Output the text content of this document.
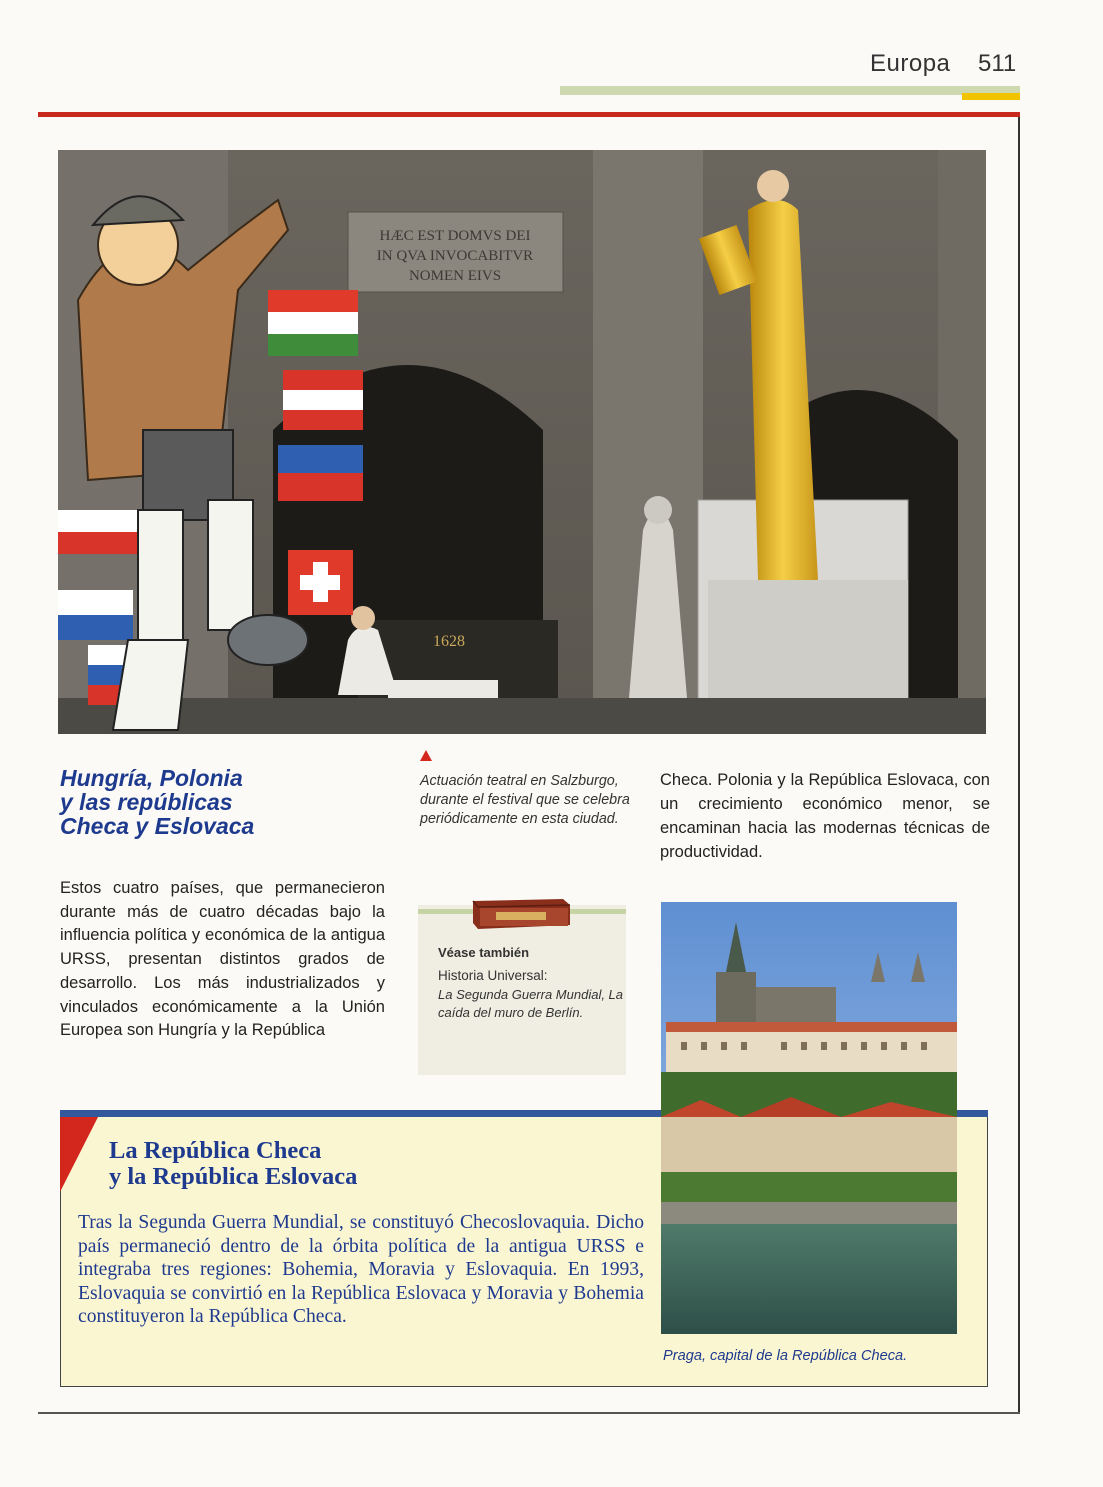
Europa 511
HÆC EST DOMVS DEI
IN QVA INVOCABITVR
NOMEN EIVS
1628
Hungría, Polonia
y las repúblicas
Checa y Eslovaca

Estos cuatro países, que permanecieron durante más de cuatro décadas bajo la influencia política y económica de la antigua URSS, presentan distintos grados de desarrollo. Los más industrializados y vinculados económicamente a la Unión Europea son Hungría y la República

Actuación teatral en Salzburgo, durante el festival que se celebra periódicamente en esta ciudad.

Checa. Polonia y la República Eslovaca, con un crecimiento económico menor, se encaminan hacia las modernas técnicas de productividad.

Véase también
Historia Universal:
La Segunda Guerra Mundial, La caída del muro de Berlín.
La República Checa
y la República Eslovaca

Tras la Segunda Guerra Mundial, se constituyó Checoslovaquia. Dicho país permaneció dentro de la órbita política de la antigua URSS e integraba tres regiones: Bohemia, Moravia y Eslovaquia. En 1993, Eslovaquia se convirtió en la República Eslovaca y Moravia y Bohemia constituyeron la República Checa.

Praga, capital de la República Checa.
